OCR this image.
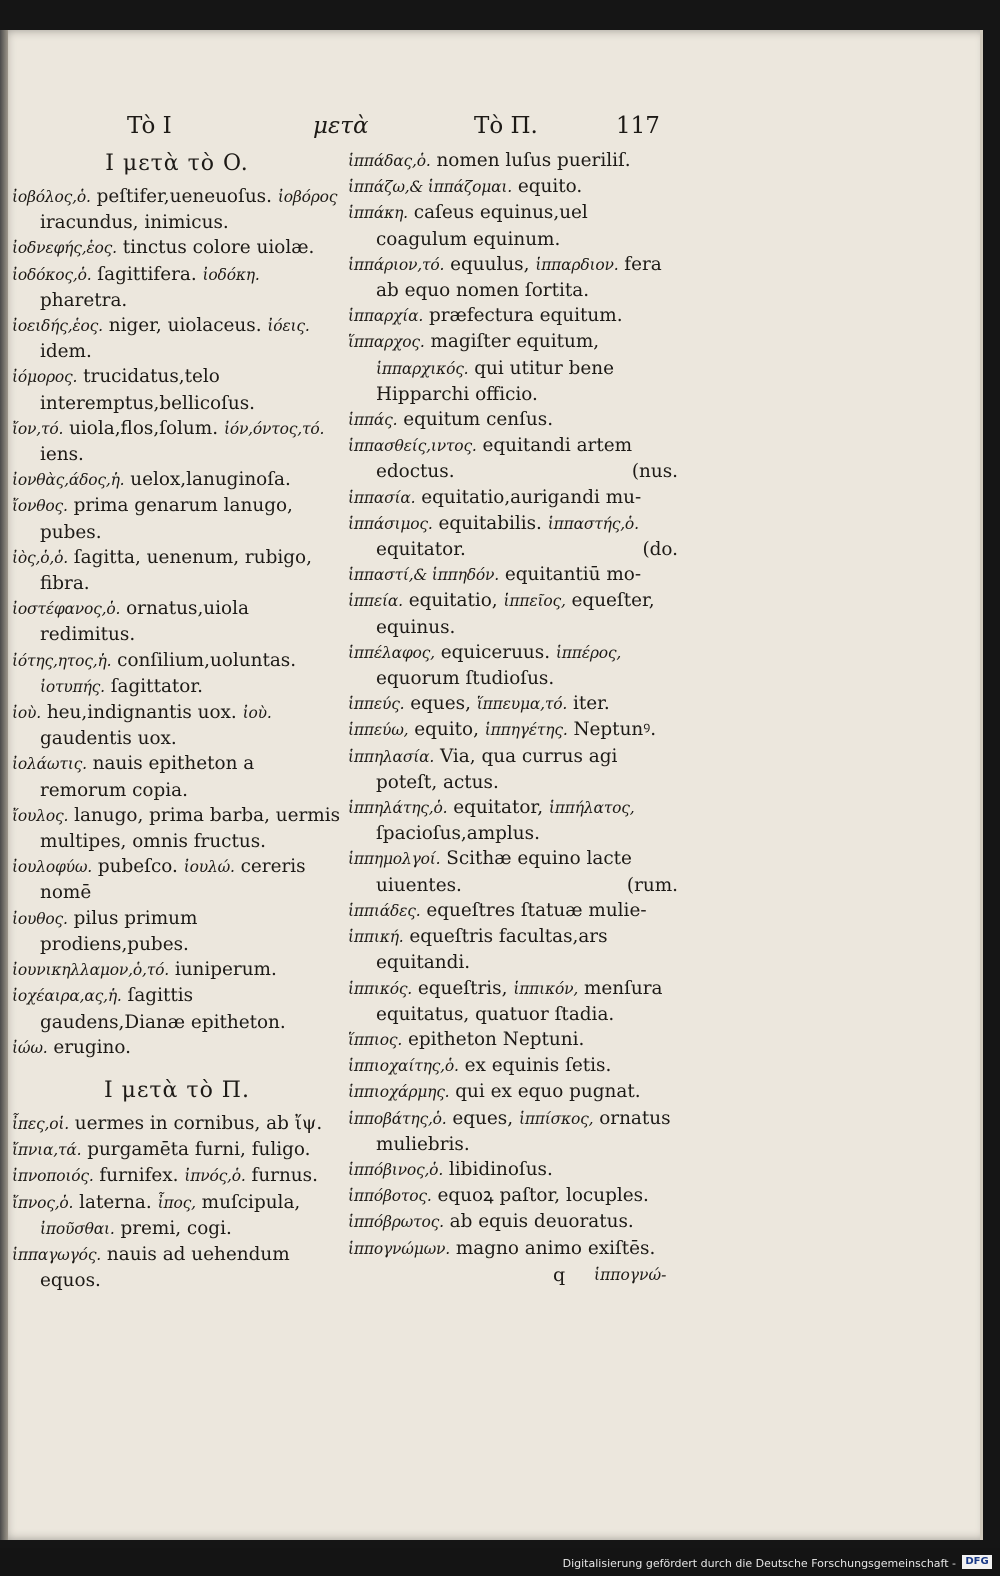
Tò I	μετὰ	Τὸ Π.	117
I μετὰ τὸ O.
ἰοβόλος,ὁ. peſtifer,ueneuoſus. ἰοβόρος iracundus, inimicus.
ἰοδνεφής,ἑος. tinctus colore uiolæ.
ἰοδόκος,ὁ. ſagittifera. ἰοδόκη. pharetra.
ἰοειδής,ἑος. niger, uiolaceus. ἰόεις. idem.
ἰόμορος. trucidatus,telo interemptus,bellicoſus.
ἴον,τό. uiola,flos,ſolum. ἰόν,όντος,τό. iens.
ἰονθὰς,άδος,ἡ. uelox,lanuginoſa.
ἴονθος. prima genarum lanugo, pubes.
ἰὸς,ὁ,ὁ. ſagitta, uenenum, rubigo, fibra.
ἰοστέφανος,ὁ. ornatus,uiola redimitus.
ἰότης,ητος,ἡ. conſilium,uoluntas. ἰοτυπής. ſagittator.
ἰοὺ. heu,indignantis uox. ἰοὺ. gaudentis uox.
ἰολάωτις. nauis epitheton a remorum copia.
ἴουλος. lanugo, prima barba, uermis multipes, omnis fructus.
ἰουλοφύω. pubeſco. ἰουλώ. cereris nomē
ἰουθος. pilus primum prodiens,pubes.
ἰουνικηλλαμον,ὁ,τό. iuniperum.
ἰοχέαιρα,ας,ἡ. ſagittis gaudens,Dianæ epitheton.
ἰώω. erugino.
I μετὰ τὸ Π.
ἶπες,οἱ. uermes in cornibus, ab ἴψ.
ἴπνια,τά. purgamēta furni, fuligo.
ἰπνοποιός. furnifex. ἰπνός,ὁ. furnus.
ἴπνος,ὁ. laterna. ἶπος, muſcipula, ἰποῦσθαι. premi, cogi.
ἱππαγωγός. nauis ad uehendum equos.
ἱππάδας,ὁ. nomen luſus pueriliſ.
ἱππάζω,& ἱππάζομαι. equito.
ἱππάκη. caſeus equinus,uel coagulum equinum.
ἱππάριον,τό. equulus, ἱππαρδιον. fera ab equo nomen ſortita.
ἱππαρχία. præfectura equitum.
ἵππαρχος. magiſter equitum, ἱππαρχικός. qui utitur bene Hipparchi officio.
ἱππάς. equitum cenſus.
ἱππασθείς,ιντος. equitandi artem edoctus.	(nus.
ἱππασία. equitatio,aurigandi mu-
ἱππάσιμος. equitabilis. ἱππαστής,ὁ. equitator.	(do.
ἱππαστί,& ἱππηδόν. equitantiū mo-
ἱππεία. equitatio, ἱππεῖος, equeſter, equinus.
ἱππέλαφος, equiceruus. ἱππέρος, equorum ſtudioſus.
ἱππεύς. eques, ἵππευμα,τό. iter.
ἱππεύω, equito, ἱππηγέτης. Neptunꝰ.
ἱππηλασία. Via, qua currus agi poteſt, actus.
ἱππηλάτης,ὁ. equitator, ἱππήλατος, ſpacioſus,amplus.
ἱππημολγοί. Scithæ equino lacte uiuentes.	(rum.
ἱππιάδες. equeſtres ſtatuæ mulie-
ἱππική. equeſtris facultas,ars equitandi.
ἱππικός. equeſtris, ἱππικόν, menſura equitatus, quatuor ſtadia.
ἵππιος. epitheton Neptuni.
ἱππιοχαίτης,ὁ. ex equinis ſetis.
ἱππιοχάρμης. qui ex equo pugnat.
ἱπποβάτης,ὁ. eques, ἱππίσκος, ornatus muliebris.
ἱππόβινος,ὁ. libidinoſus.
ἱππόβοτος. equoꝝ paſtor, locuples.
ἱππόβρωτος. ab equis deuoratus.
ἱππογνώμων. magno animo exiſtēs.
q ἱππογνώ-
Digitalisierung gefördert durch die Deutsche Forschungsgemeinschaft - DFG
